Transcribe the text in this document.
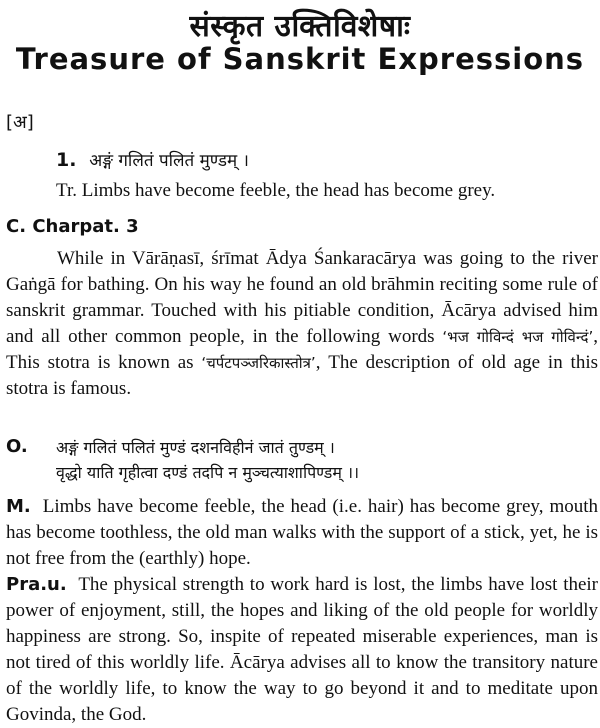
संस्कृत उक्तिविशेषाः
Treasure of Sanskrit Expressions
[अ]
1. अङ्गं गलितं पलितं मुण्डम् ।
Tr. Limbs have become feeble, the head has become grey.
C. Charpat. 3
While in Vārāṇasī, śrīmat Ādya Śankaracārya was going to the river Gaṅgā for bathing. On his way he found an old brāhmin reciting some rule of sanskrit grammar. Touched with his pitiable condition, Ācārya advised him and all other common people, in the following words ‘भज गोविन्दं भज गोविन्दं’, This stotra is known as ‘चर्पटपञ्जरिकास्तोत्र’, The description of old age in this stotra is famous.
O. अङ्गं गलितं पलितं मुण्डं दशनविहीनं जातं तुण्डम् ।
वृद्धो याति गृहीत्वा दण्डं तदपि न मुञ्चत्याशापिण्डम् ।।
M. Limbs have become feeble, the head (i.e. hair) has become grey, mouth has become toothless, the old man walks with the support of a stick, yet, he is not free from the (earthly) hope.
Pra.u. The physical strength to work hard is lost, the limbs have lost their power of enjoyment, still, the hopes and liking of the old people for worldly happiness are strong. So, inspite of repeated miserable experiences, man is not tired of this worldly life. Ācārya advises all to know the transitory nature of the worldly life, to know the way to go beyond it and to meditate upon Govinda, the God.
